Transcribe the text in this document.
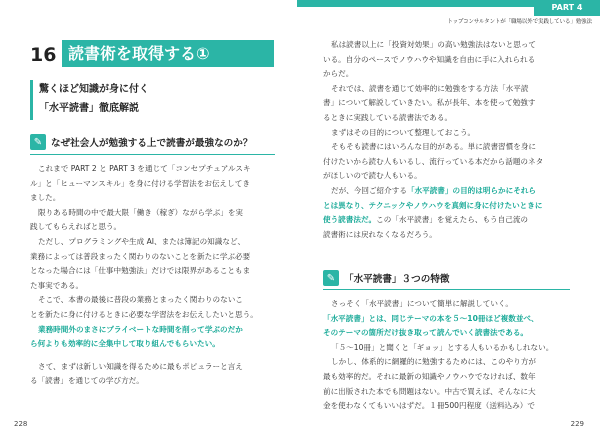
PART 4
トップコンサルタントが「職場以外で実践している」勉強法
16 読書術を取得する①
驚くほど知識が身に付く
「水平読書」徹底解説
✎ なぜ社会人が勉強する上で読書が最強なのか？

これまで PART 2 と PART 3 を通じて「コンセプチュアルスキ

ル」と「ヒューマンスキル」を身に付ける学習法をお伝えしてき

ました。

限りある時間の中で最大限「働き（稼ぎ）ながら学ぶ」を実

践してもらえればと思う。

ただし、プログラミングや生成 AI、または簿記の知識など、

業務によっては普段まったく関わりのないことを新たに学ぶ必要

となった場合には「仕事中勉強法」だけでは限界があることもま

た事実である。

そこで、本書の最後に普段の業務とまったく関わりのないこ

とを新たに身に付けるときに必要な学習法をお伝えしたいと思う。

業務時間外のまさにプライベートな時間を削って学ぶのだか

ら何よりも効率的に全集中して取り組んでもらいたい。

さて、まずは新しい知識を得るために最もポピュラーと言え

る「読書」を通じての学び方だ。

228

私は読書以上に「投資対効果」の高い勉強法はないと思って

いる。自分のペースでノウハウや知識を自由に手に入れられる

からだ。

それでは、読書を通じて効率的に勉強をする方法「水平読

書」について解説していきたい。私が長年、本を使って勉強す

るときに実践している読書法である。

まずはその目的について整理しておこう。

そもそも読書にはいろんな目的がある。単に読書習慣を身に

付けたいから読む人もいるし、流行っている本だから話題のネタ

がほしいので読む人もいる。

だが、今回ご紹介する「水平読書」の目的は明らかにそれら

とは異なり、テクニックやノウハウを真剣に身に付けたいときに

使う読書法だ。この「水平読書」を覚えたら、もう自己流の

読書術には戻れなくなるだろう。

✎ 「水平読書」３つの特徴

さっそく「水平読書」について簡単に解説していく。

「水平読書」とは、同じテーマの本を５～10冊ほど複数並べ、

そのテーマの箇所だけ抜き取って読んでいく読書法である。

「５～10冊」と聞くと「ギョッ」とする人もいるかもしれない。

しかし、体系的に網羅的に勉強するためには、このやり方が

最も効率的だ。それに最新の知識やノウハウでなければ、数年

前に出版された本でも問題はない。中古で買えば、そんなに大

金を使わなくてもいいはずだ。１冊500円程度（送料込み）で

229
